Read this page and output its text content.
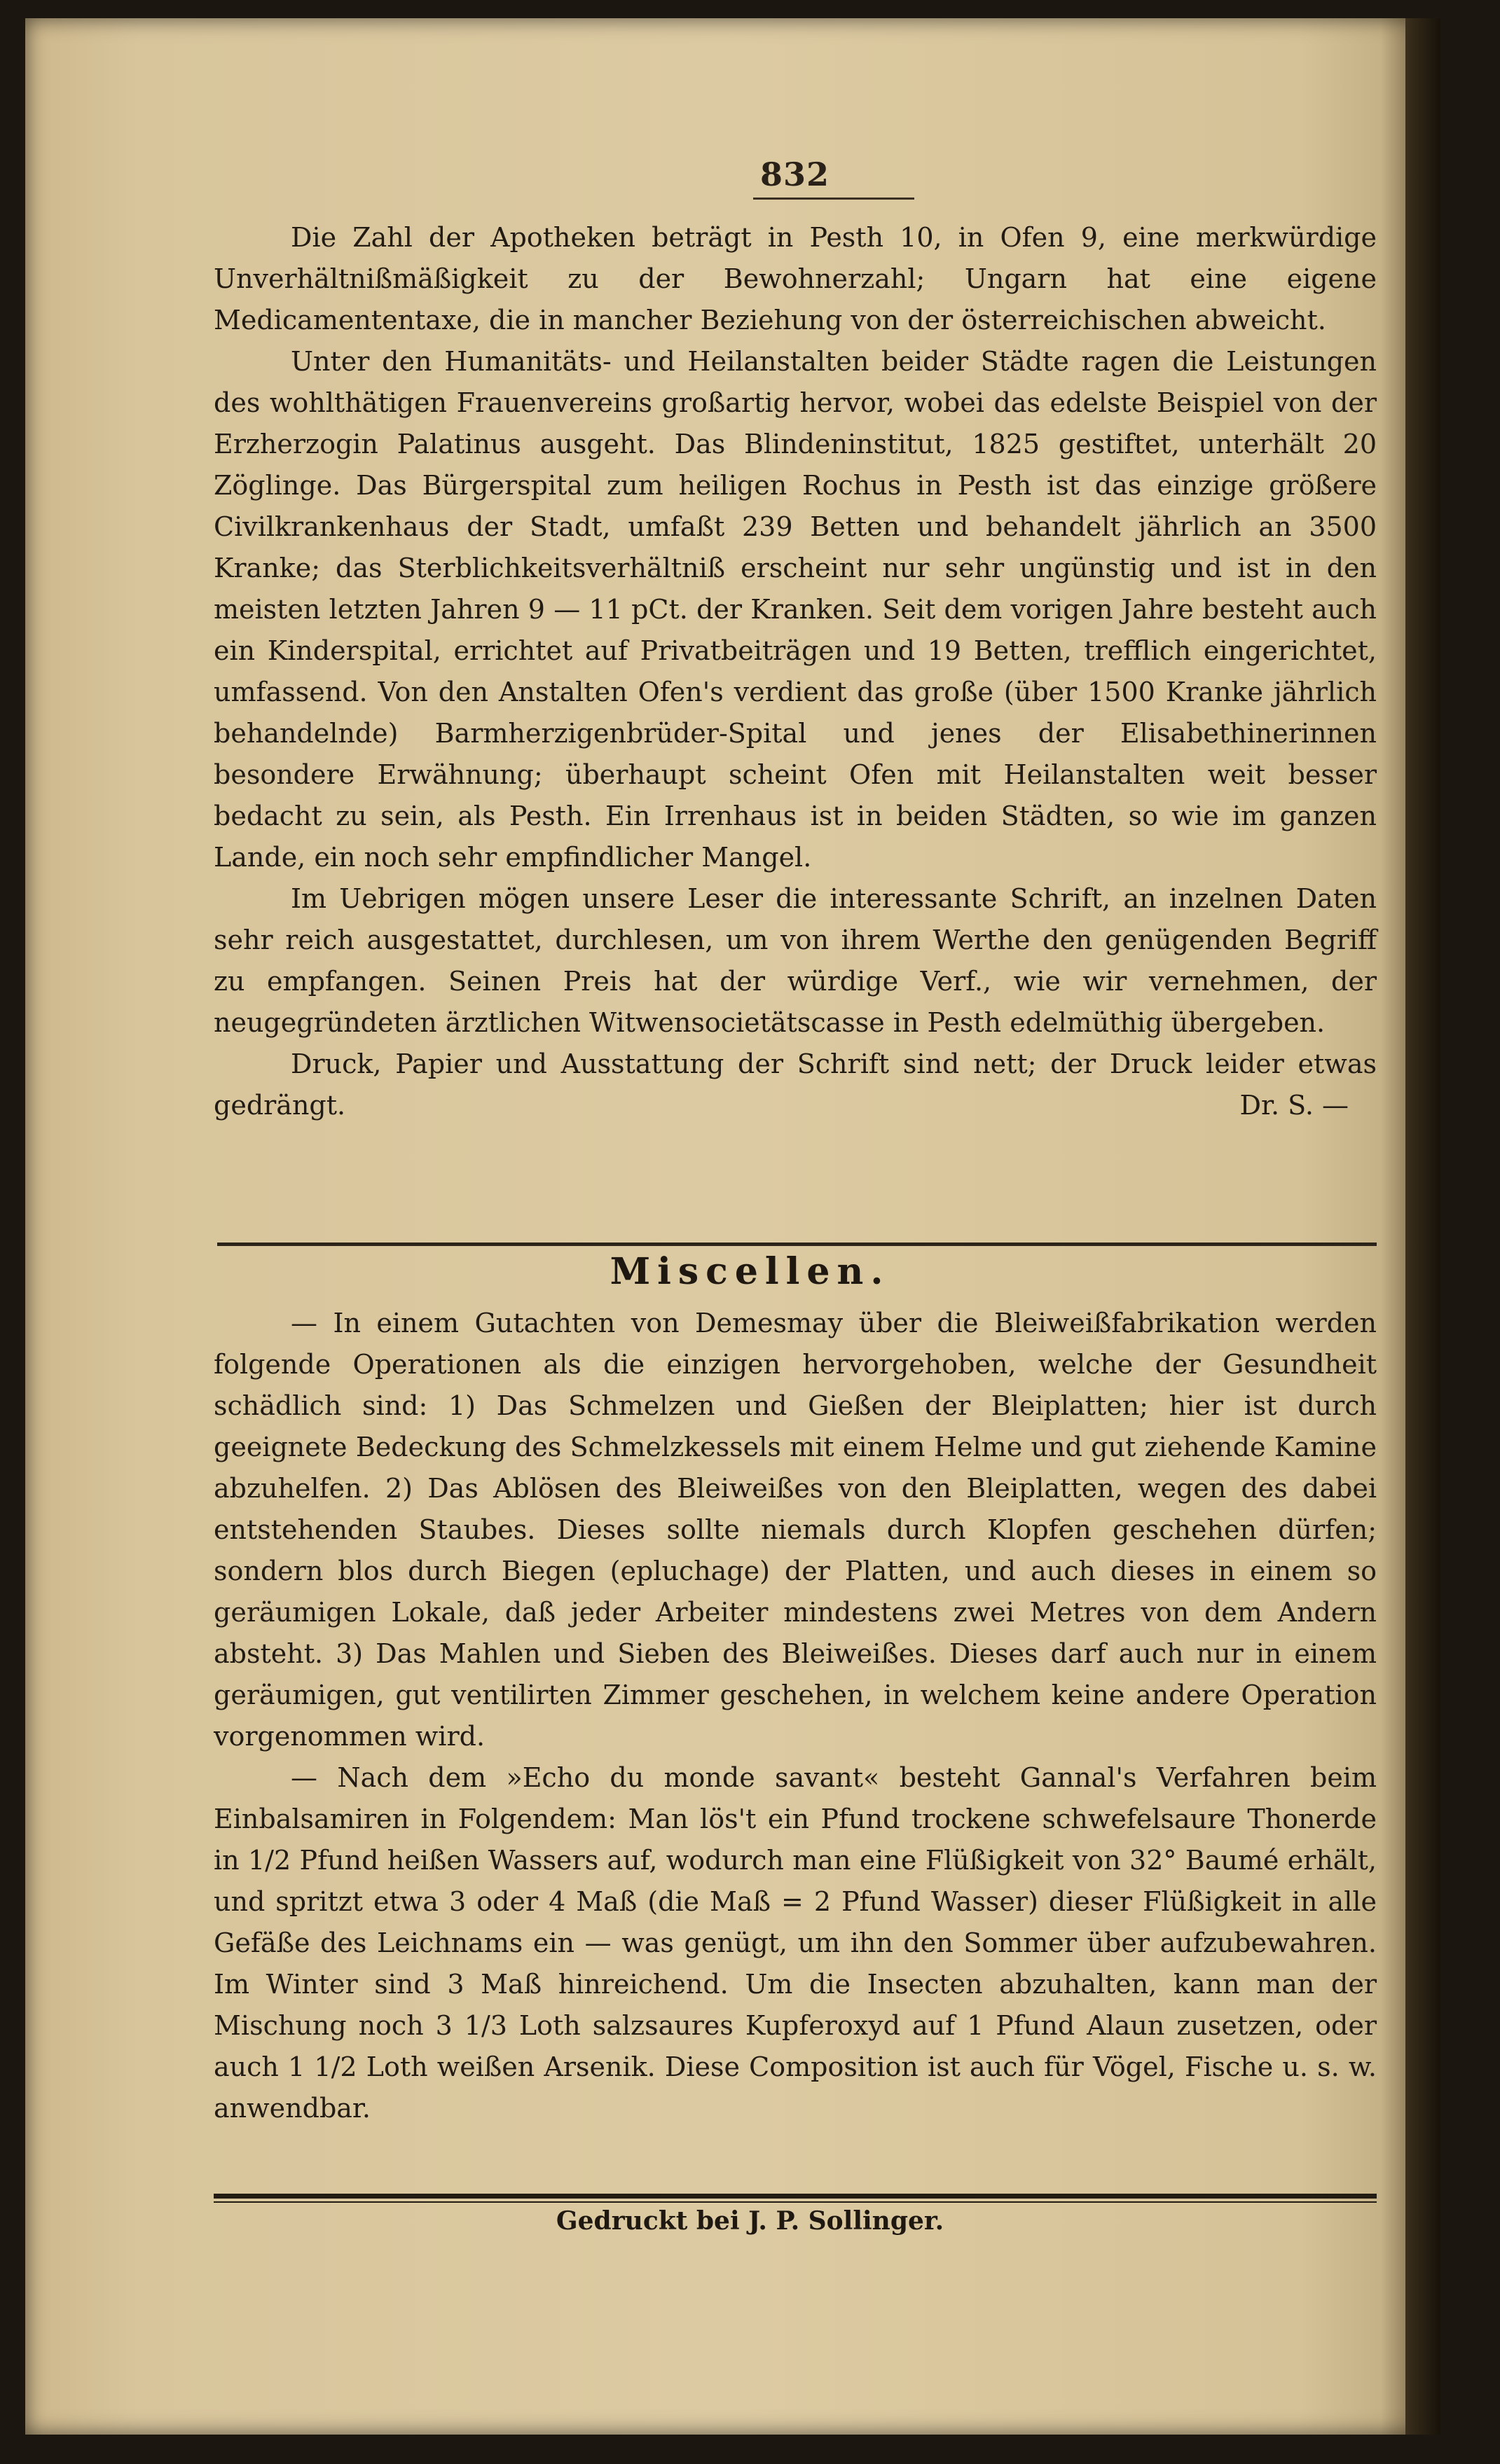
832

Die Zahl der Apotheken beträgt in Pesth 10, in Ofen 9, eine merkwürdige Unverhältnißmäßigkeit zu der Bewohnerzahl; Ungarn hat eine eigene Medicamententaxe, die in mancher Beziehung von der österreichischen abweicht.

Unter den Humanitäts- und Heilanstalten beider Städte ragen die Leistungen des wohlthätigen Frauenvereins großartig hervor, wobei das edelste Beispiel von der Erzherzogin Palatinus ausgeht. Das Blindeninstitut, 1825 gestiftet, unterhält 20 Zöglinge. Das Bürgerspital zum heiligen Rochus in Pesth ist das einzige größere Civilkrankenhaus der Stadt, umfaßt 239 Betten und behandelt jährlich an 3500 Kranke; das Sterblichkeitsverhältniß erscheint nur sehr ungünstig und ist in den meisten letzten Jahren 9 — 11 pCt. der Kranken. Seit dem vorigen Jahre besteht auch ein Kinderspital, errichtet auf Privatbeiträgen und 19 Betten, trefflich eingerichtet, umfassend. Von den Anstalten Ofen's verdient das große (über 1500 Kranke jährlich behandelnde) Barmherzigenbrüder-Spital und jenes der Elisabethinerinnen besondere Erwähnung; überhaupt scheint Ofen mit Heilanstalten weit besser bedacht zu sein, als Pesth. Ein Irrenhaus ist in beiden Städten, so wie im ganzen Lande, ein noch sehr empfindlicher Mangel.

Im Uebrigen mögen unsere Leser die interessante Schrift, an inzelnen Daten sehr reich ausgestattet, durchlesen, um von ihrem Werthe den genügenden Begriff zu empfangen. Seinen Preis hat der würdige Verf., wie wir vernehmen, der neugegründeten ärztlichen Witwensocietätscasse in Pesth edelmüthig übergeben.

Druck, Papier und Ausstattung der Schrift sind nett; der Druck leider etwas gedrängt.	Dr. S. —

Miscellen.

— In einem Gutachten von Demesmay über die Bleiweißfabrikation werden folgende Operationen als die einzigen hervorgehoben, welche der Gesundheit schädlich sind: 1) Das Schmelzen und Gießen der Bleiplatten; hier ist durch geeignete Bedeckung des Schmelzkessels mit einem Helme und gut ziehende Kamine abzuhelfen. 2) Das Ablösen des Bleiweißes von den Bleiplatten, wegen des dabei entstehenden Staubes. Dieses sollte niemals durch Klopfen geschehen dürfen; sondern blos durch Biegen (epluchage) der Platten, und auch dieses in einem so geräumigen Lokale, daß jeder Arbeiter mindestens zwei Metres von dem Andern absteht. 3) Das Mahlen und Sieben des Bleiweißes. Dieses darf auch nur in einem geräumigen, gut ventilirten Zimmer geschehen, in welchem keine andere Operation vorgenommen wird.

— Nach dem »Echo du monde savant« besteht Gannal's Verfahren beim Einbalsamiren in Folgendem: Man lös't ein Pfund trockene schwefelsaure Thonerde in 1/2 Pfund heißen Wassers auf, wodurch man eine Flüßigkeit von 32° Baumé erhält, und spritzt etwa 3 oder 4 Maß (die Maß = 2 Pfund Wasser) dieser Flüßigkeit in alle Gefäße des Leichnams ein — was genügt, um ihn den Sommer über aufzubewahren. Im Winter sind 3 Maß hinreichend. Um die Insecten abzuhalten, kann man der Mischung noch 3 1/3 Loth salzsaures Kupferoxyd auf 1 Pfund Alaun zusetzen, oder auch 1 1/2 Loth weißen Arsenik. Diese Composition ist auch für Vögel, Fische u. s. w. anwendbar.

Gedruckt bei J. P. Sollinger.
